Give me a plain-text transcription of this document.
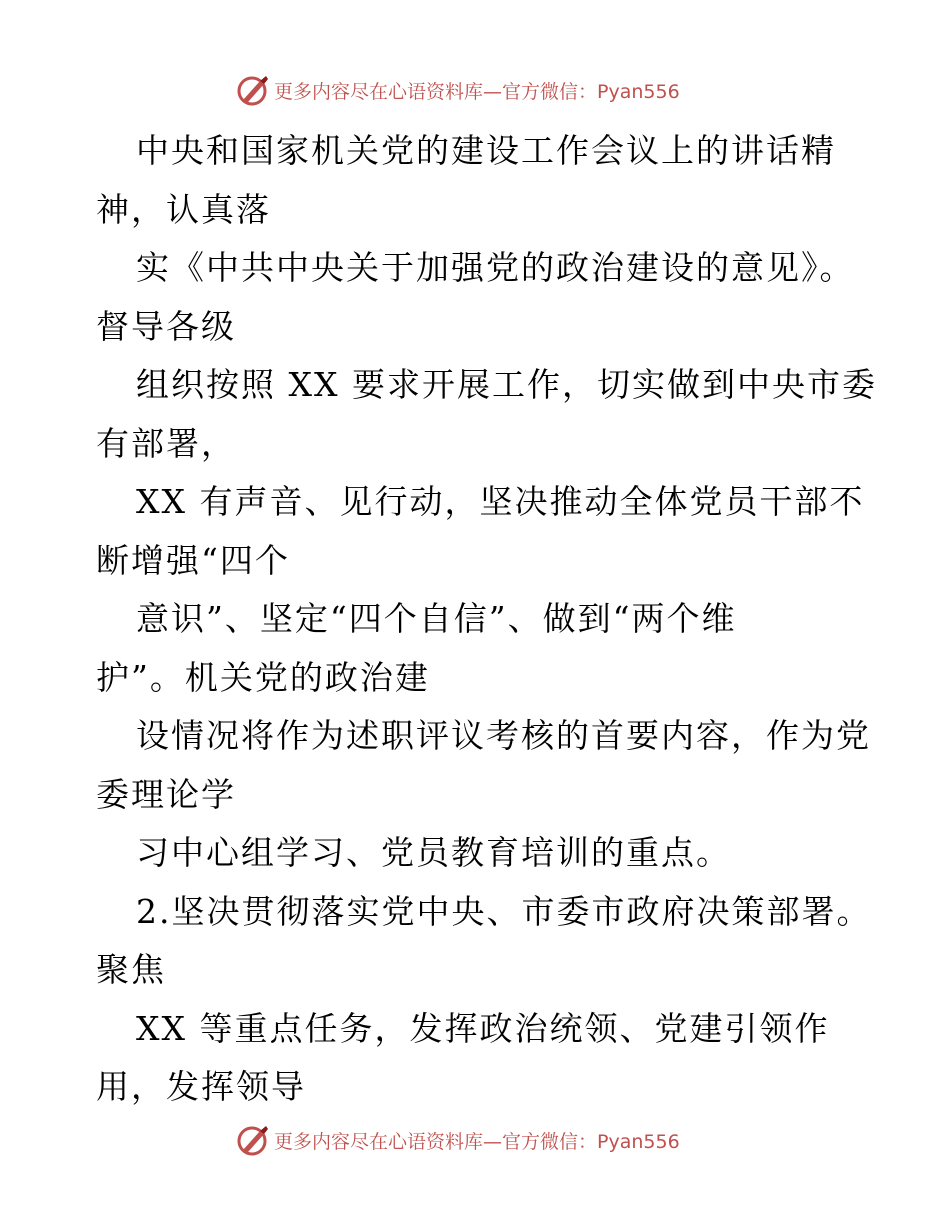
更多内容尽在心语资料库—官方微信：Pyan556
中央和国家机关党的建设工作会议上的讲话精
神，认真落
实《中共中央关于加强党的政治建设的意见》。
督导各级
组织按照 XX 要求开展工作，切实做到中央市委
有部署，
XX 有声音、见行动，坚决推动全体党员干部不
断增强“四个
意识”、坚定“四个自信”、做到“两个维
护”。机关党的政治建
设情况将作为述职评议考核的首要内容，作为党
委理论学
习中心组学习、党员教育培训的重点。
2.坚决贯彻落实党中央、市委市政府决策部署。
聚焦
XX 等重点任务，发挥政治统领、党建引领作
用，发挥领导
更多内容尽在心语资料库—官方微信：Pyan556
